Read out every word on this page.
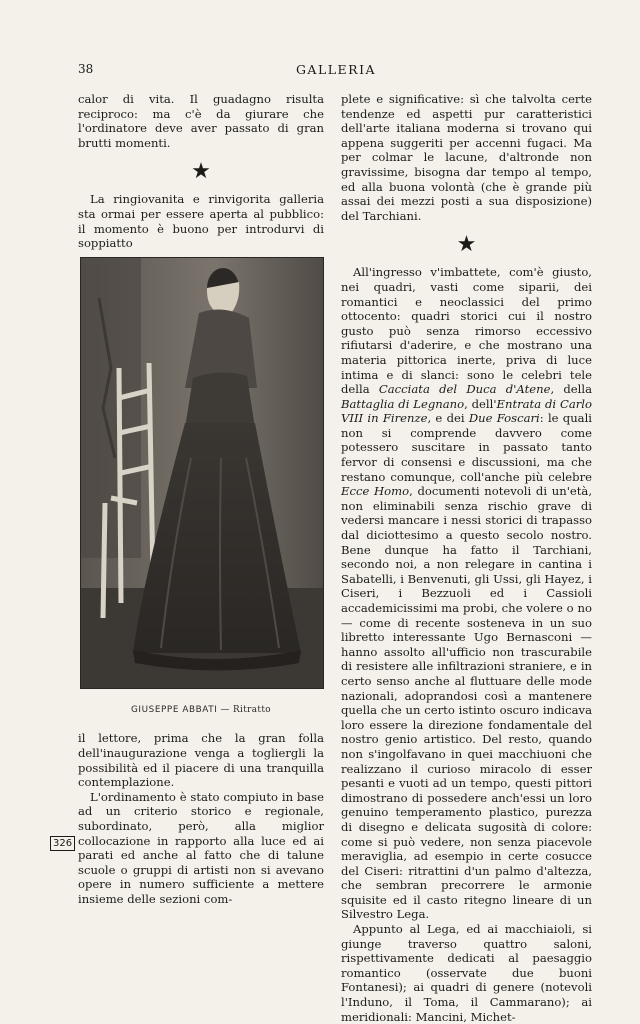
38	GALLERIA

calor di vita. Il guadagno risulta reciproco: ma c'è da giurare che l'ordinatore deve aver passato di gran brutti momenti.

★

La ringiovanita e rinvigorita galleria sta ormai per essere aperta al pubblico: il momento è buono per introdurvi di soppiatto

GIUSEPPE ABBATI — Ritratto

il lettore, prima che la gran folla dell'inaugurazione venga a togliergli la possibilità ed il piacere di una tranquilla contemplazione.

L'ordinamento è stato compiuto in base ad un criterio storico e regionale, subordinato, però, alla miglior collocazione in rapporto alla luce ed ai parati ed anche al fatto che di talune scuole o gruppi di artisti non si avevano opere in numero sufficiente a mettere insieme delle sezioni com-

plete e significative: sì che talvolta certe tendenze ed aspetti pur caratteristici dell'arte italiana moderna si trovano qui appena suggeriti per accenni fugaci. Ma per colmar le lacune, d'altronde non gravissime, bisogna dar tempo al tempo, ed alla buona volontà (che è grande più assai dei mezzi posti a sua disposizione) del Tarchiani.

★

All'ingresso v'imbattete, com'è giusto, nei quadri, vasti come siparii, dei romantici e neoclassici del primo ottocento: quadri storici cui il nostro gusto può senza rimorso eccessivo rifiutarsi d'aderire, e che mostrano una materia pittorica inerte, priva di luce intima e di slanci: sono le celebri tele della Cacciata del Duca d'Atene, della Battaglia di Legnano, dell'Entrata di Carlo VIII in Firenze, e dei Due Foscari: le quali non si comprende davvero come potessero suscitare in passato tanto fervor di consensi e discussioni, ma che restano comunque, coll'anche più celebre Ecce Homo, documenti notevoli di un'età, non eliminabili senza rischio grave di vedersi mancare i nessi storici di trapasso dal diciottesimo a questo secolo nostro. Bene dunque ha fatto il Tarchiani, secondo noi, a non relegare in cantina i Sabatelli, i Benvenuti, gli Ussi, gli Hayez, i Ciseri, i Bezzuoli ed i Cassioli accademicissimi ma probi, che volere o no — come di recente sosteneva in un suo libretto interessante Ugo Bernasconi — hanno assolto all'ufficio non trascurabile di resistere alle infiltrazioni straniere, e in certo senso anche al fluttuare delle mode nazionali, adoprandosi così a mantenere quella che un certo istinto oscuro indicava loro essere la direzione fondamentale del nostro genio artistico. Del resto, quando non s'ingolfavano in quei macchiuoni che realizzano il curioso miracolo di esser pesanti e vuoti ad un tempo, questi pittori dimostrano di possedere anch'essi un loro genuino temperamento plastico, purezza di disegno e delicata sugosità di colore: come si può vedere, non senza piacevole meraviglia, ad esempio in certe cosucce del Ciseri: ritrattini d'un palmo d'altezza, che sembran precorrere le armonie squisite ed il casto ritegno lineare di un Silvestro Lega.

Appunto al Lega, ed ai macchiaioli, si giunge traverso quattro saloni, rispettivamente dedicati al paesaggio romantico (osservate due buoni Fontanesi); ai quadri di genere (notevoli l'Induno, il Toma, il Cammarano); ai meridionali: Mancini, Michet-

326
